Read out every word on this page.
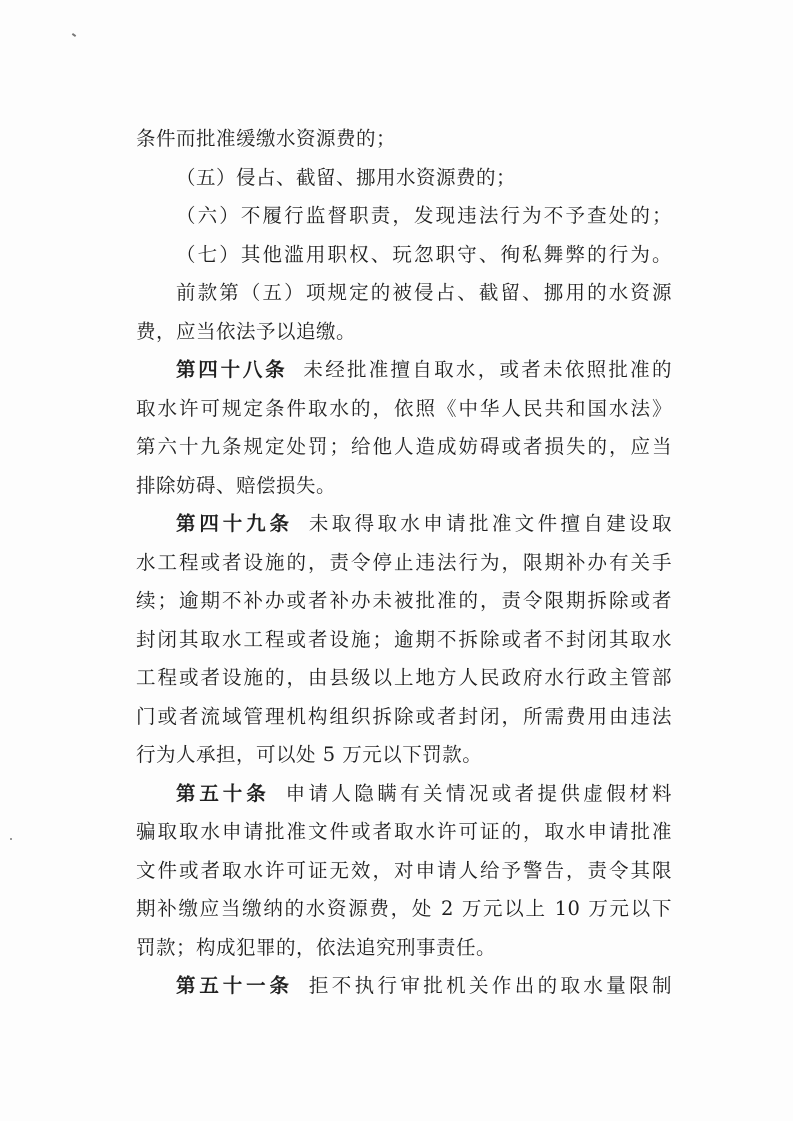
条件而批准缓缴水资源费的；
（五）侵占、截留、挪用水资源费的；
（六）不履行监督职责，发现违法行为不予查处的；
（七）其他滥用职权、玩忽职守、徇私舞弊的行为。
前款第（五）项规定的被侵占、截留、挪用的水资源
费，应当依法予以追缴。
第四十八条 未经批准擅自取水，或者未依照批准的
取水许可规定条件取水的，依照《中华人民共和国水法》
第六十九条规定处罚；给他人造成妨碍或者损失的，应当
排除妨碍、赔偿损失。
第四十九条 未取得取水申请批准文件擅自建设取
水工程或者设施的，责令停止违法行为，限期补办有关手
续；逾期不补办或者补办未被批准的，责令限期拆除或者
封闭其取水工程或者设施；逾期不拆除或者不封闭其取水
工程或者设施的，由县级以上地方人民政府水行政主管部
门或者流域管理机构组织拆除或者封闭，所需费用由违法
行为人承担，可以处 5 万元以下罚款。
第五十条 申请人隐瞒有关情况或者提供虚假材料
骗取取水申请批准文件或者取水许可证的，取水申请批准
文件或者取水许可证无效，对申请人给予警告，责令其限
期补缴应当缴纳的水资源费，处 2 万元以上 10 万元以下
罚款；构成犯罪的，依法追究刑事责任。
第五十一条 拒不执行审批机关作出的取水量限制
